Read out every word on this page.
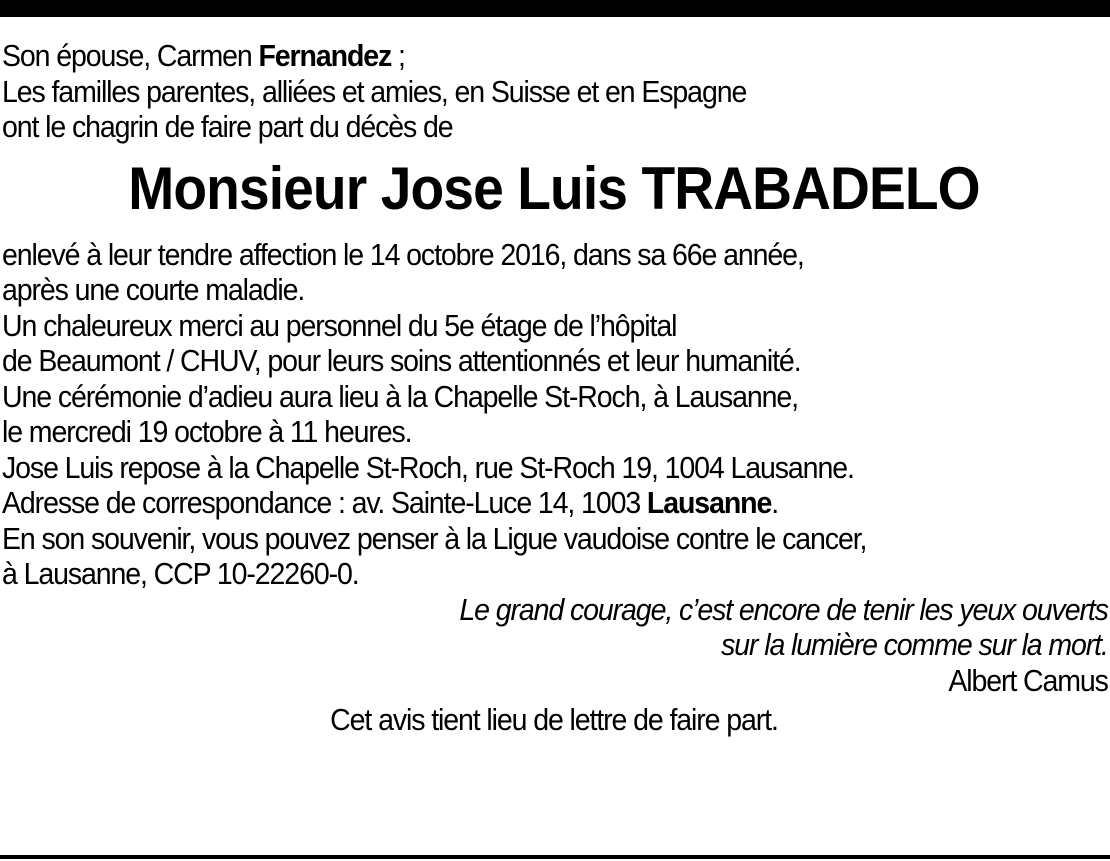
Son épouse, Carmen Fernandez ;

Les familles parentes, alliées et amies, en Suisse et en Espagne

ont le chagrin de faire part du décès de

Monsieur Jose Luis TRABADELO

enlevé à leur tendre affection le 14 octobre 2016, dans sa 66e année,

après une courte maladie.

Un chaleureux merci au personnel du 5e étage de l’hôpital

de Beaumont / CHUV, pour leurs soins attentionnés et leur humanité.

Une cérémonie d’adieu aura lieu à la Chapelle St-Roch, à Lausanne,

le mercredi 19 octobre à 11 heures.

Jose Luis repose à la Chapelle St-Roch, rue St-Roch 19, 1004 Lausanne.

Adresse de correspondance : av. Sainte-Luce 14, 1003 Lausanne.

En son souvenir, vous pouvez penser à la Ligue vaudoise contre le cancer,

à Lausanne, CCP 10-22260-0.

Le grand courage, c’est encore de tenir les yeux ouverts

sur la lumière comme sur la mort.

Albert Camus

Cet avis tient lieu de lettre de faire part.
